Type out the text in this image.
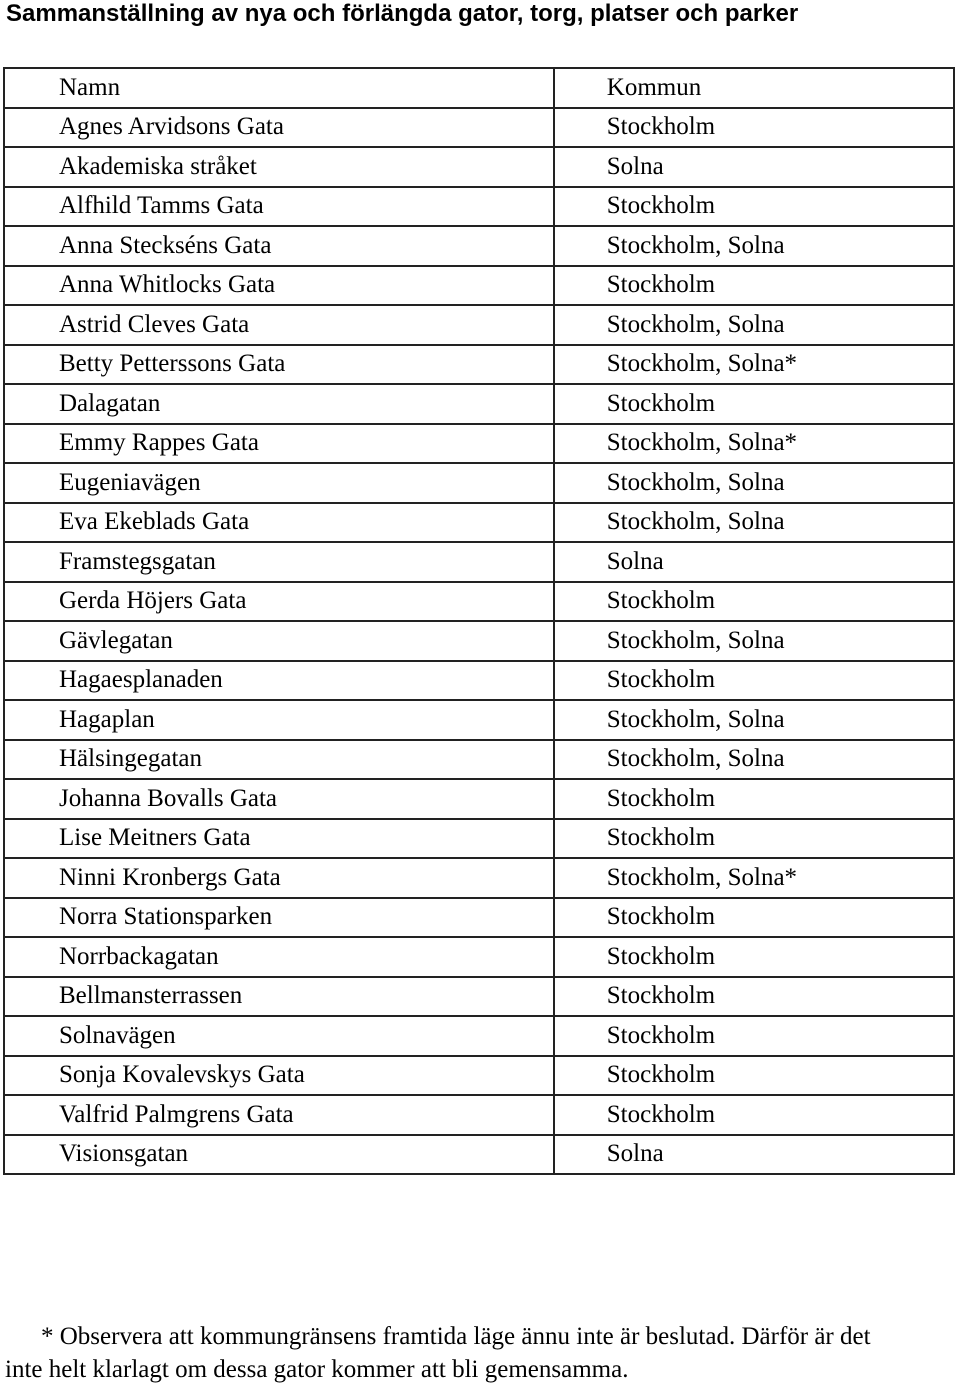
Sammanställning av nya och förlängda gator, torg, platser och parker
Namn	Kommun
Agnes Arvidsons Gata	Stockholm
Akademiska stråket	Solna
Alfhild Tamms Gata	Stockholm
Anna Steckséns Gata	Stockholm, Solna
Anna Whitlocks Gata	Stockholm
Astrid Cleves Gata	Stockholm, Solna
Betty Petterssons Gata	Stockholm, Solna*
Dalagatan	Stockholm
Emmy Rappes Gata	Stockholm, Solna*
Eugeniavägen	Stockholm, Solna
Eva Ekeblads Gata	Stockholm, Solna
Framstegsgatan	Solna
Gerda Höjers Gata	Stockholm
Gävlegatan	Stockholm, Solna
Hagaesplanaden	Stockholm
Hagaplan	Stockholm, Solna
Hälsingegatan	Stockholm, Solna
Johanna Bovalls Gata	Stockholm
Lise Meitners Gata	Stockholm
Ninni Kronbergs Gata	Stockholm, Solna*
Norra Stationsparken	Stockholm
Norrbackagatan	Stockholm
Bellmansterrassen	Stockholm
Solnavägen	Stockholm
Sonja Kovalevskys Gata	Stockholm
Valfrid Palmgrens Gata	Stockholm
Visionsgatan	Solna
* Observera att kommungränsens framtida läge ännu inte är beslutad. Därför är det
inte helt klarlagt om dessa gator kommer att bli gemensamma.
